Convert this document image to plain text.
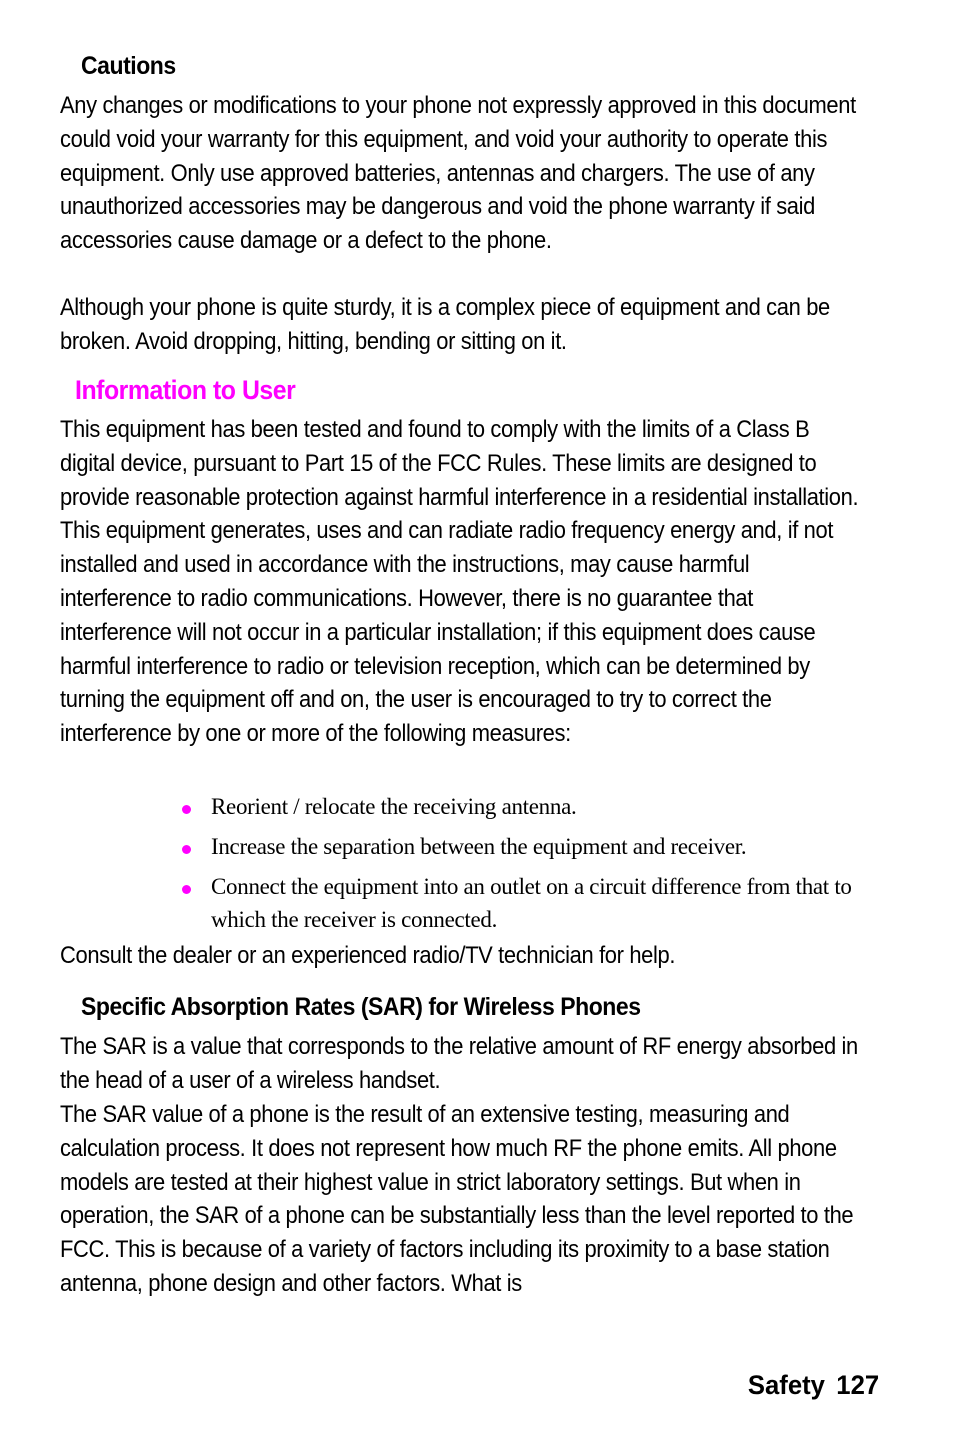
Cautions

Any changes or modifications to your phone not expressly approved in this document could void your warranty for this equipment, and void your authority to operate this equipment. Only use approved batteries, antennas and chargers. The use of any unauthorized accessories may be dangerous and void the phone warranty if said accessories cause damage or a defect to the phone.

Although your phone is quite sturdy, it is a complex piece of equipment and can be broken. Avoid dropping, hitting, bending or sitting on it.

Information to User

This equipment has been tested and found to comply with the limits of a Class B digital device, pursuant to Part 15 of the FCC Rules. These limits are designed to provide reasonable protection against harmful interference in a residential installation. This equipment generates, uses and can radiate radio frequency energy and, if not installed and used in accordance with the instructions, may cause harmful interference to radio communications. However, there is no guarantee that interference will not occur in a particular installation; if this equipment does cause harmful interference to radio or television reception, which can be determined by turning the equipment off and on, the user is encouraged to try to correct the interference by one or more of the following measures:

Reorient / relocate the receiving antenna.
Increase the separation between the equipment and receiver.
Connect the equipment into an outlet on a circuit difference from that to which the receiver is connected.

Consult the dealer or an experienced radio/TV technician for help.

Specific Absorption Rates (SAR) for Wireless Phones

The SAR is a value that corresponds to the relative amount of RF energy absorbed in the head of a user of a wireless handset.

The SAR value of a phone is the result of an extensive testing, measuring and calculation process. It does not represent how much RF the phone emits. All phone models are tested at their highest value in strict laboratory settings. But when in operation, the SAR of a phone can be substantially less than the level reported to the FCC. This is because of a variety of factors including its proximity to a base station antenna, phone design and other factors. What is

Safety 127
